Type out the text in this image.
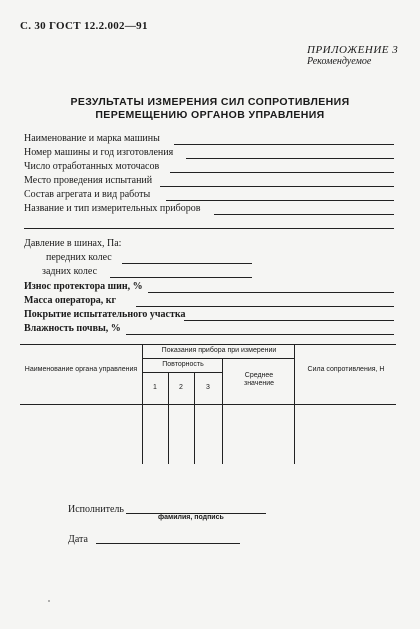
С. 30 ГОСТ 12.2.002—91
ПРИЛОЖЕНИЕ 3
Рекомендуемое
РЕЗУЛЬТАТЫ ИЗМЕРЕНИЯ СИЛ СОПРОТИВЛЕНИЯ
ПЕРЕМЕЩЕНИЮ ОРГАНОВ УПРАВЛЕНИЯ
Наименование и марка машины
Номер машины и год изготовления
Число отработанных моточасов
Место проведения испытаний
Состав агрегата и вид работы
Название и тип измерительных приборов
Давление в шинах, Па:
передних колес
задних колес
Износ протектора шин, %
Масса оператора, кг
Покрытие испытательного участка
Влажность почвы, %
Наименование органа управления
Показания прибора при измерении
Повторность
1	2	3
Среднее значение
Сила сопротивления, Н
Исполнитель
фамилия, подпись
Дата
